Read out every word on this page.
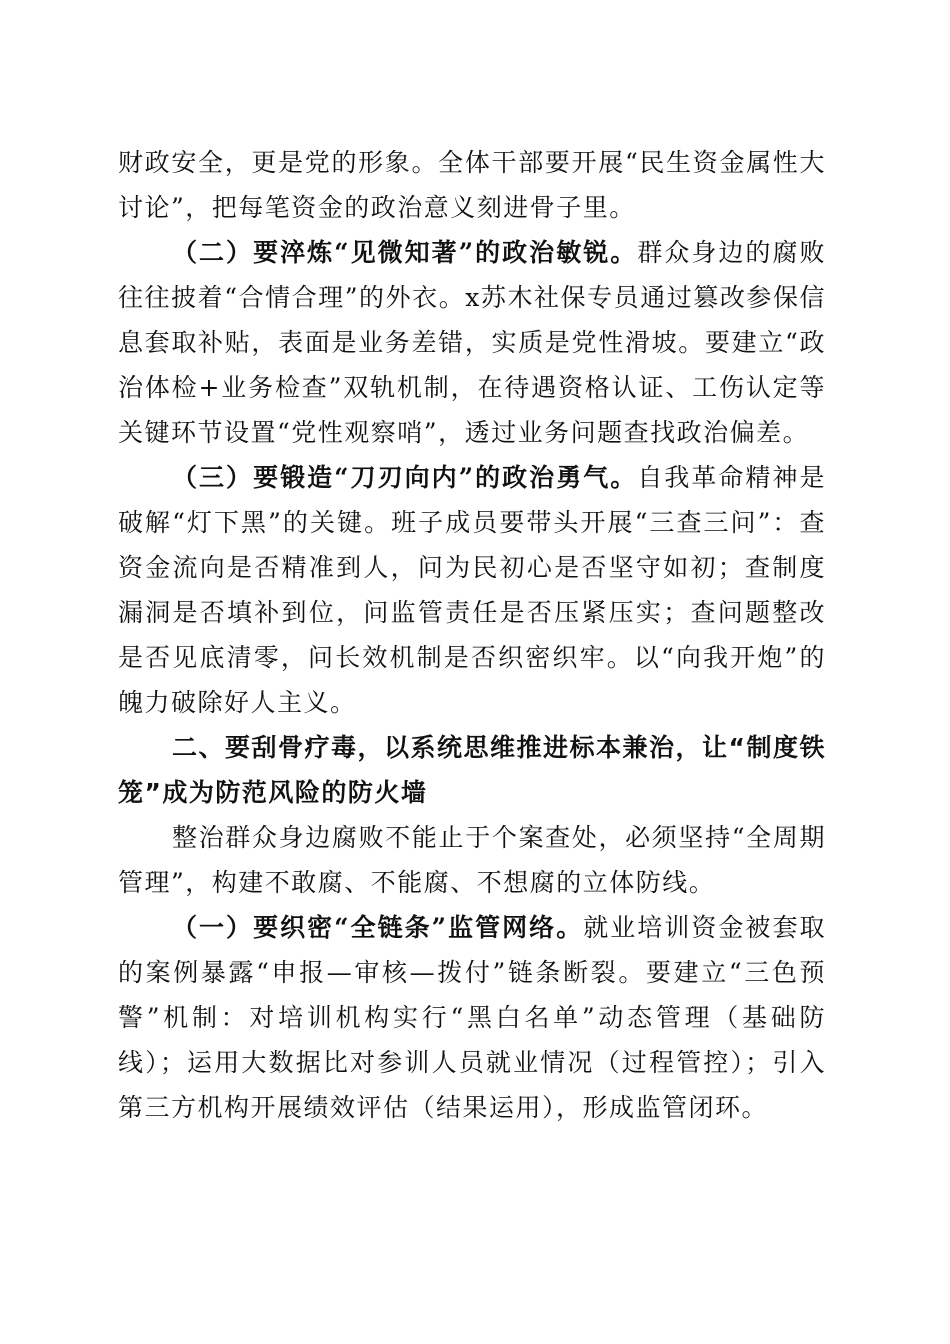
财政安全，更是党的形象。全体干部要开展“民生资金属性大讨论”，把每笔资金的政治意义刻进骨子里。

（二）要淬炼“见微知著”的政治敏锐。群众身边的腐败往往披着“合情合理”的外衣。x苏木社保专员通过篡改参保信息套取补贴，表面是业务差错，实质是党性滑坡。要建立“政治体检+业务检查”双轨机制，在待遇资格认证、工伤认定等关键环节设置“党性观察哨”，透过业务问题查找政治偏差。

（三）要锻造“刀刃向内”的政治勇气。自我革命精神是破解“灯下黑”的关键。班子成员要带头开展“三查三问”：查资金流向是否精准到人，问为民初心是否坚守如初；查制度漏洞是否填补到位，问监管责任是否压紧压实；查问题整改是否见底清零，问长效机制是否织密织牢。以“向我开炮”的魄力破除好人主义。

二、要刮骨疗毒，以系统思维推进标本兼治，让“制度铁笼”成为防范风险的防火墙

整治群众身边腐败不能止于个案查处，必须坚持“全周期管理”，构建不敢腐、不能腐、不想腐的立体防线。

（一）要织密“全链条”监管网络。就业培训资金被套取的案例暴露“申报—审核—拨付”链条断裂。要建立“三色预警”机制：对培训机构实行“黑白名单”动态管理（基础防线）；运用大数据比对参训人员就业情况（过程管控）；引入第三方机构开展绩效评估（结果运用），形成监管闭环。
